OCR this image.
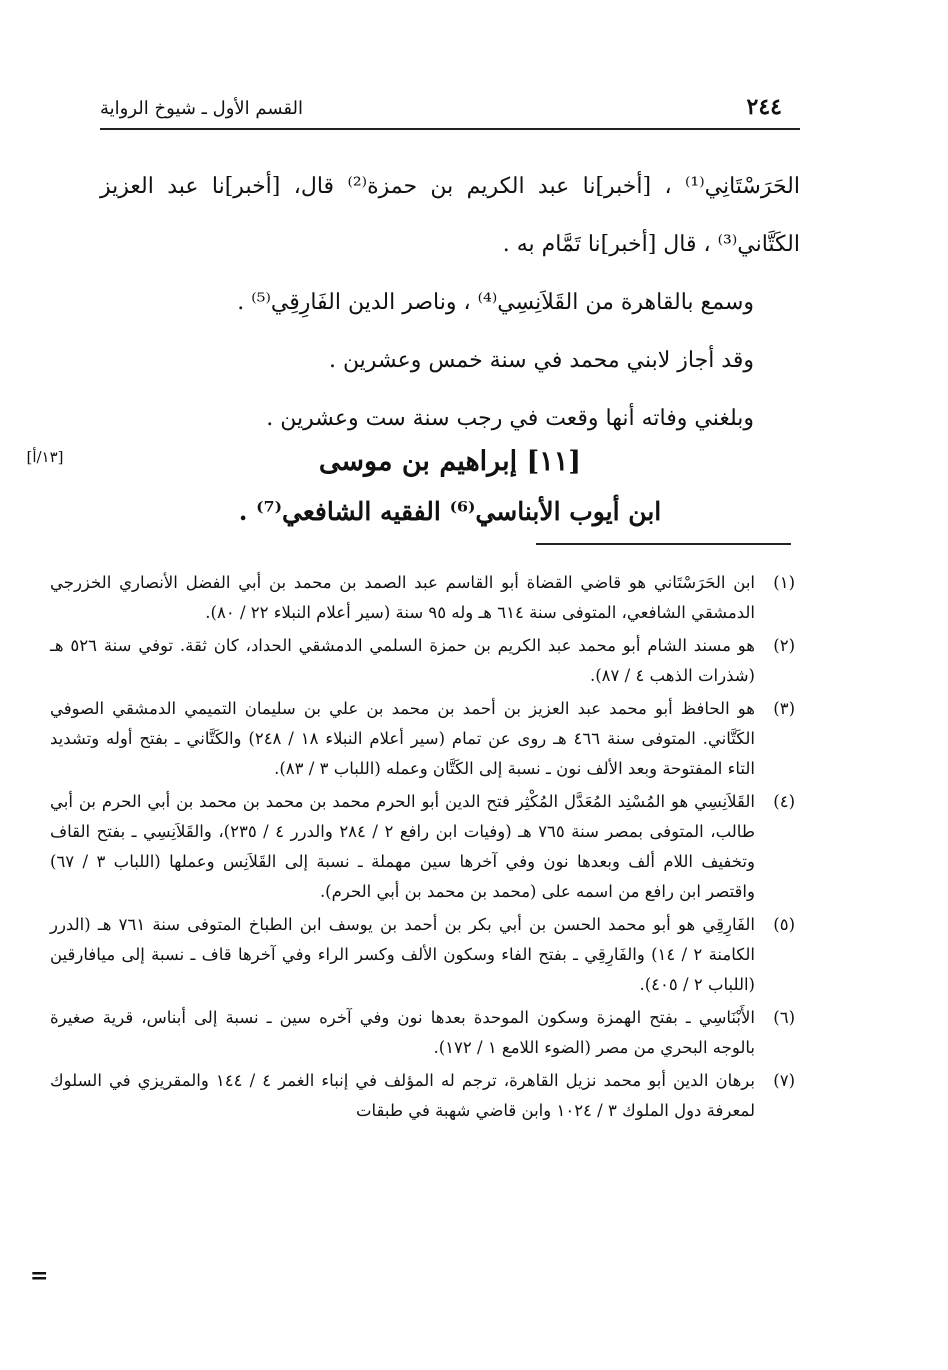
٢٤٤
القسم الأول ـ شيوخ الرواية

الحَرَسْتَانِي⁽¹⁾ ، [أخبر]نا عبد الكريم بن حمزة⁽²⁾ قال، [أخبر]نا عبد العزيز الكَتَّاني⁽³⁾ ، قال [أخبر]نا تَمَّام به .

وسمع بالقاهرة من القَلاَنِسِي⁽⁴⁾ ، وناصر الدين الفَارِقِي⁽⁵⁾ .

وقد أجاز لابني محمد في سنة خمس وعشرين .

وبلغني وفاته أنها وقعت في رجب سنة ست وعشرين .

[١١] إبراهيم بن موسى
ابن أيوب الأبناسي⁽⁶⁾ الفقيه الشافعي⁽⁷⁾ .
[١٣/أ]
(١)
ابن الحَرَسْتَاني هو قاضي القضاة أبو القاسم عبد الصمد بن محمد بن أبي الفضل الأنصاري الخزرجي الدمشقي الشافعي، المتوفى سنة ٦١٤ هـ وله ٩٥ سنة (سير أعلام النبلاء ٢٢ / ٨٠).
(٢)
هو مسند الشام أبو محمد عبد الكريم بن حمزة السلمي الدمشقي الحداد، كان ثقة. توفي سنة ٥٢٦ هـ (شذرات الذهب ٤ / ٨٧).
(٣)
هو الحافظ أبو محمد عبد العزيز بن أحمد بن محمد بن علي بن سليمان التميمي الدمشقي الصوفي الكَتَّاني. المتوفى سنة ٤٦٦ هـ روى عن تمام (سير أعلام النبلاء ١٨ / ٢٤٨) والكَتَّاني ـ بفتح أوله وتشديد التاء المفتوحة وبعد الألف نون ـ نسبة إلى الكَتَّان وعمله (اللباب ٣ / ٨٣).
(٤)
القَلاَنِسِي هو المُسْنِد المُعَدَّل المُكْثِر فتح الدين أبو الحرم محمد بن محمد بن محمد بن أبي الحرم بن أبي طالب، المتوفى بمصر سنة ٧٦٥ هـ (وفيات ابن رافع ٢ / ٢٨٤ والدرر ٤ / ٢٣٥)، والقَلاَنِسِي ـ بفتح القاف وتخفيف اللام ألف وبعدها نون وفي آخرها سين مهملة ـ نسبة إلى القَلاَنِس وعملها (اللباب ٣ / ٦٧) واقتصر ابن رافع من اسمه على (محمد بن محمد بن أبي الحرم).
(٥)
الفَارِقِي هو أبو محمد الحسن بن أبي بكر بن أحمد بن يوسف ابن الطباخ المتوفى سنة ٧٦١ هـ (الدرر الكامنة ٢ / ١٤) والفَارِقِي ـ بفتح الفاء وسكون الألف وكسر الراء وفي آخرها قاف ـ نسبة إلى ميافارقين (اللباب ٢ / ٤٠٥).
(٦)
الأَبْنَاسِي ـ بفتح الهمزة وسكون الموحدة بعدها نون وفي آخره سين ـ نسبة إلى أبناس، قرية صغيرة بالوجه البحري من مصر (الضوء اللامع ١ / ١٧٢).
(٧)
برهان الدين أبو محمد نزيل القاهرة، ترجم له المؤلف في إنباء الغمر ٤ / ١٤٤ والمقريزي في السلوك لمعرفة دول الملوك ٣ / ١٠٢٤ وابن قاضي شهبة في طبقات
=
